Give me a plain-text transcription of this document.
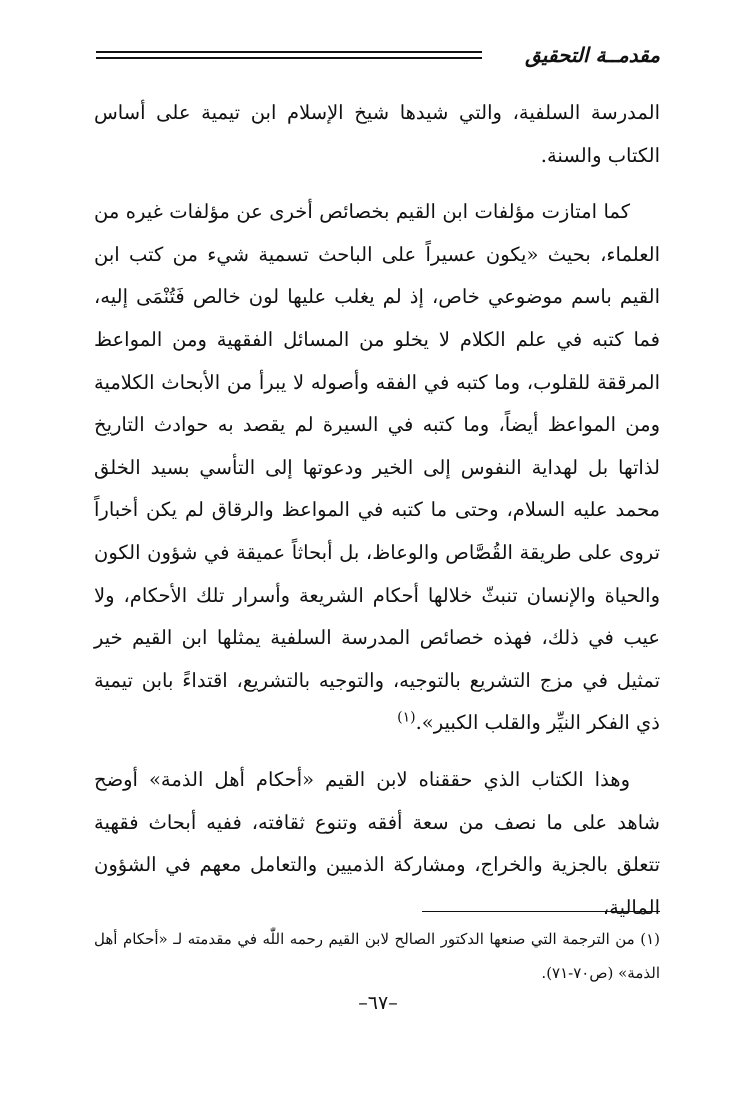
مقدمــة التحقيق

المدرسة السلفية، والتي شيدها شيخ الإسلام ابن تيمية على أساس الكتاب والسنة.

كما امتازت مؤلفات ابن القيم بخصائص أخرى عن مؤلفات غيره من العلماء، بحيث «يكون عسيراً على الباحث تسمية شيء من كتب ابن القيم باسم موضوعي خاص، إذ لم يغلب عليها لون خالص فَتُنْمَى إليه، فما كتبه في علم الكلام لا يخلو من المسائل الفقهية ومن المواعظ المرققة للقلوب، وما كتبه في الفقه وأصوله لا يبرأ من الأبحاث الكلامية ومن المواعظ أيضاً، وما كتبه في السيرة لم يقصد به حوادث التاريخ لذاتها بل لهداية النفوس إلى الخير ودعوتها إلى التأسي بسيد الخلق محمد عليه السلام، وحتى ما كتبه في المواعظ والرقاق لم يكن أخباراً تروى على طريقة القُصَّاص والوعاظ، بل أبحاثاً عميقة في شؤون الكون والحياة والإنسان تنبثّ خلالها أحكام الشريعة وأسرار تلك الأحكام، ولا عيب في ذلك، فهذه خصائص المدرسة السلفية يمثلها ابن القيم خير تمثيل في مزج التشريع بالتوجيه، والتوجيه بالتشريع، اقتداءً بابن تيمية ذي الفكر النيِّر والقلب الكبير».$^{(١)}$

وهذا الكتاب الذي حققناه لابن القيم «أحكام أهل الذمة» أوضح شاهد على ما نصف من سعة أفقه وتنوع ثقافته، ففيه أبحاث فقهية تتعلق بالجزية والخراج، ومشاركة الذميين والتعامل معهم في الشؤون المالية،

(١) من الترجمة التي صنعها الدكتور الصالح لابن القيم رحمه اللّٰه في مقدمته لـ «أحكام أهل الذمة» (ص٧٠-٧١).

–٦٧–
